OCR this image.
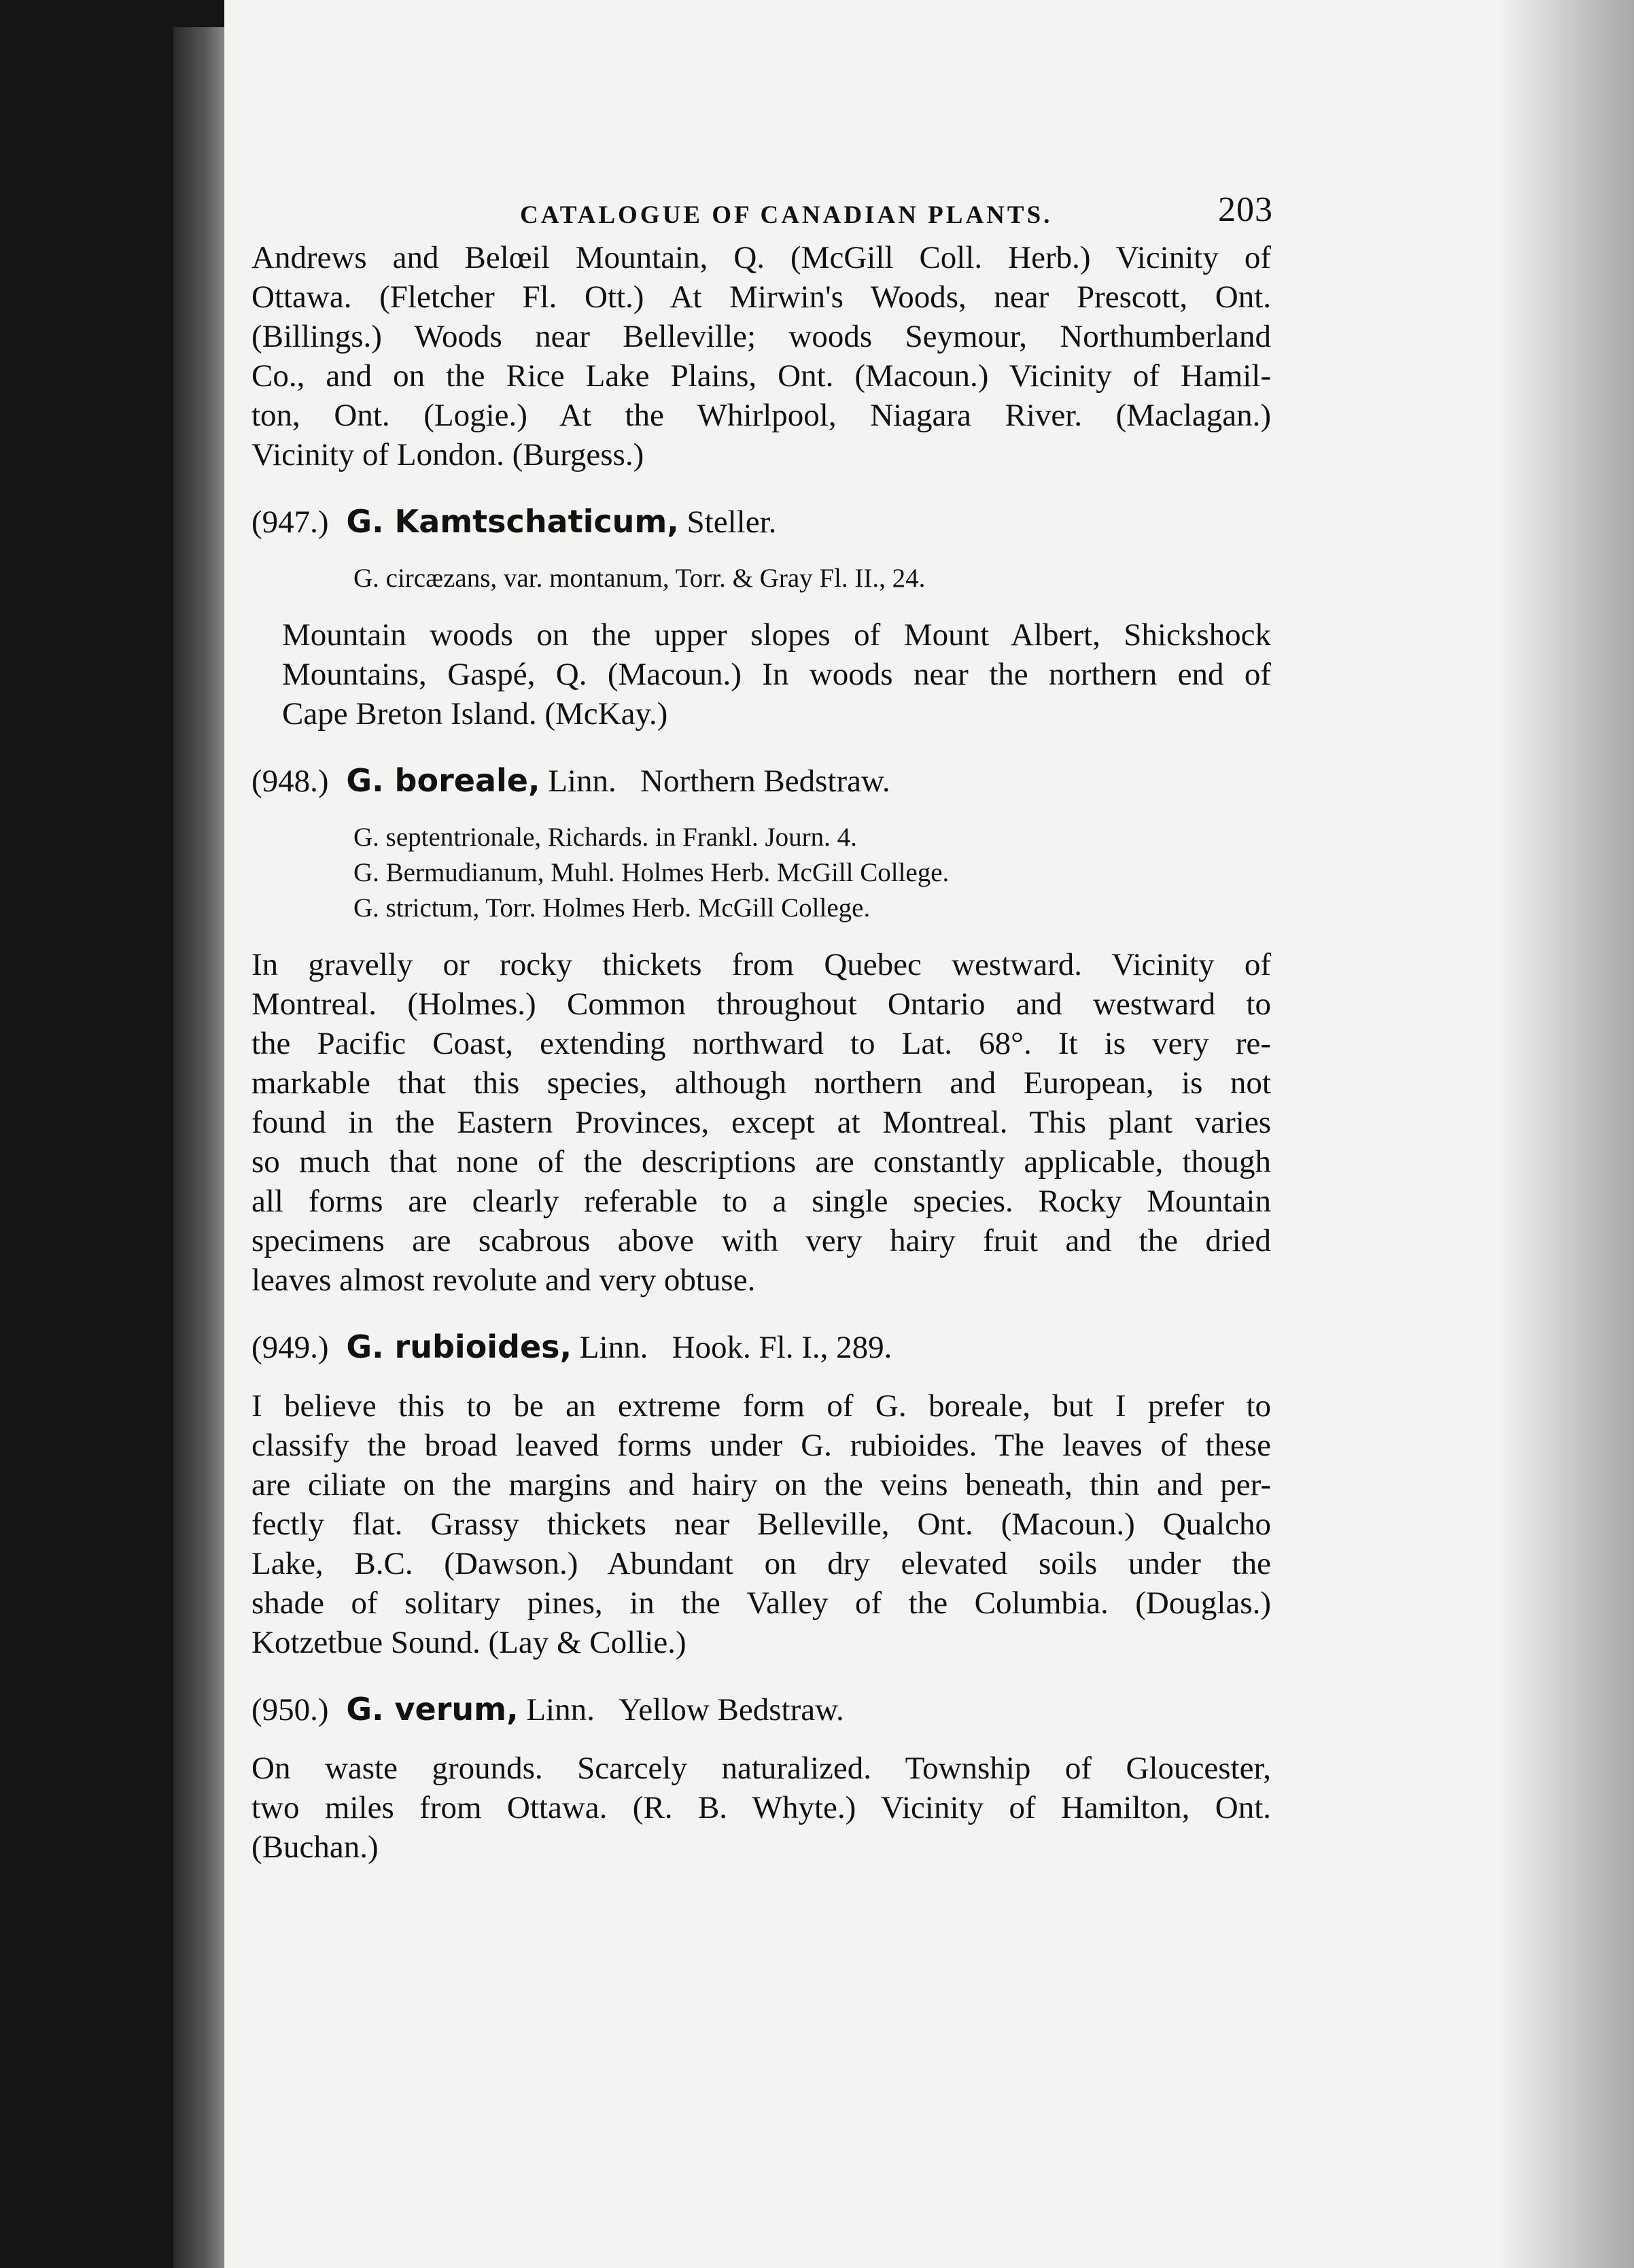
CATALOGUE OF CANADIAN PLANTS.	203
Andrews and Belœil Mountain, Q. (McGill Coll. Herb.) Vicinity of
Ottawa. (Fletcher Fl. Ott.) At Mirwin's Woods, near Prescott, Ont.
(Billings.) Woods near Belleville; woods Seymour, Northumberland
Co., and on the Rice Lake Plains, Ont. (Macoun.) Vicinity of Hamil-
ton, Ont. (Logie.) At the Whirlpool, Niagara River. (Maclagan.)
Vicinity of London. (Burgess.)
(947.) G. Kamtschaticum, Steller.
G. circæzans, var. montanum, Torr. & Gray Fl. II., 24.
Mountain woods on the upper slopes of Mount Albert, Shickshock
Mountains, Gaspé, Q. (Macoun.) In woods near the northern end of
Cape Breton Island. (McKay.)
(948.) G. boreale, Linn. Northern Bedstraw.
G. septentrionale, Richards. in Frankl. Journ. 4.
G. Bermudianum, Muhl. Holmes Herb. McGill College.
G. strictum, Torr. Holmes Herb. McGill College.
In gravelly or rocky thickets from Quebec westward. Vicinity of
Montreal. (Holmes.) Common throughout Ontario and westward to
the Pacific Coast, extending northward to Lat. 68°. It is very re-
markable that this species, although northern and European, is not
found in the Eastern Provinces, except at Montreal. This plant varies
so much that none of the descriptions are constantly applicable, though
all forms are clearly referable to a single species. Rocky Mountain
specimens are scabrous above with very hairy fruit and the dried
leaves almost revolute and very obtuse.
(949.) G. rubioides, Linn. Hook. Fl. I., 289.
I believe this to be an extreme form of G. boreale, but I prefer to
classify the broad leaved forms under G. rubioides. The leaves of these
are ciliate on the margins and hairy on the veins beneath, thin and per-
fectly flat. Grassy thickets near Belleville, Ont. (Macoun.) Qualcho
Lake, B.C. (Dawson.) Abundant on dry elevated soils under the
shade of solitary pines, in the Valley of the Columbia. (Douglas.)
Kotzetbue Sound. (Lay & Collie.)
(950.) G. verum, Linn. Yellow Bedstraw.
On waste grounds. Scarcely naturalized. Township of Gloucester,
two miles from Ottawa. (R. B. Whyte.) Vicinity of Hamilton, Ont.
(Buchan.)
